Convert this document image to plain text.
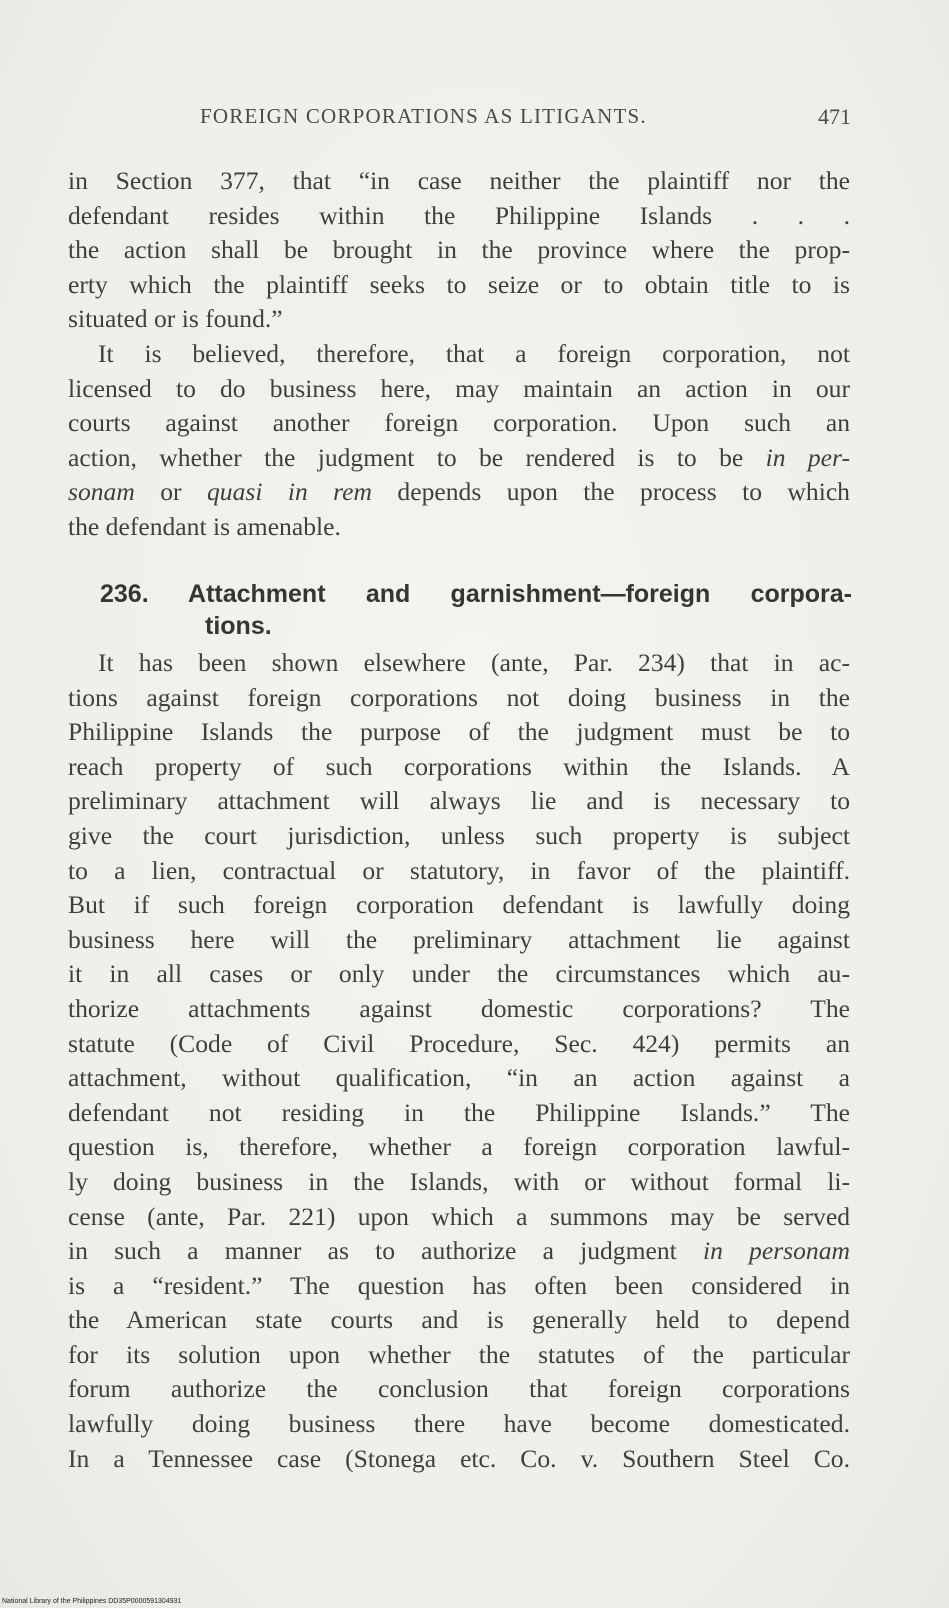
FOREIGN CORPORATIONS AS LITIGANTS.	471
in Section 377, that “in case neither the plaintiff nor the
defendant resides within the Philippine Islands . . .
the action shall be brought in the province where the prop-
erty which the plaintiff seeks to seize or to obtain title to is
situated or is found.”
It is believed, therefore, that a foreign corporation, not
licensed to do business here, may maintain an action in our
courts against another foreign corporation. Upon such an
action, whether the judgment to be rendered is to be in per-
sonam or quasi in rem depends upon the process to which
the defendant is amenable.
236. Attachment and garnishment—foreign corpora-
tions.
It has been shown elsewhere (ante, Par. 234) that in ac-
tions against foreign corporations not doing business in the
Philippine Islands the purpose of the judgment must be to
reach property of such corporations within the Islands. A
preliminary attachment will always lie and is necessary to
give the court jurisdiction, unless such property is subject
to a lien, contractual or statutory, in favor of the plaintiff.
But if such foreign corporation defendant is lawfully doing
business here will the preliminary attachment lie against
it in all cases or only under the circumstances which au-
thorize attachments against domestic corporations? The
statute (Code of Civil Procedure, Sec. 424) permits an
attachment, without qualification, “in an action against a
defendant not residing in the Philippine Islands.” The
question is, therefore, whether a foreign corporation lawful-
ly doing business in the Islands, with or without formal li-
cense (ante, Par. 221) upon which a summons may be served
in such a manner as to authorize a judgment in personam
is a “resident.” The question has often been considered in
the American state courts and is generally held to depend
for its solution upon whether the statutes of the particular
forum authorize the conclusion that foreign corporations
lawfully doing business there have become domesticated.
In a Tennessee case (Stonega etc. Co. v. Southern Steel Co.
National Library of the Philippines DD35P0000591304931
